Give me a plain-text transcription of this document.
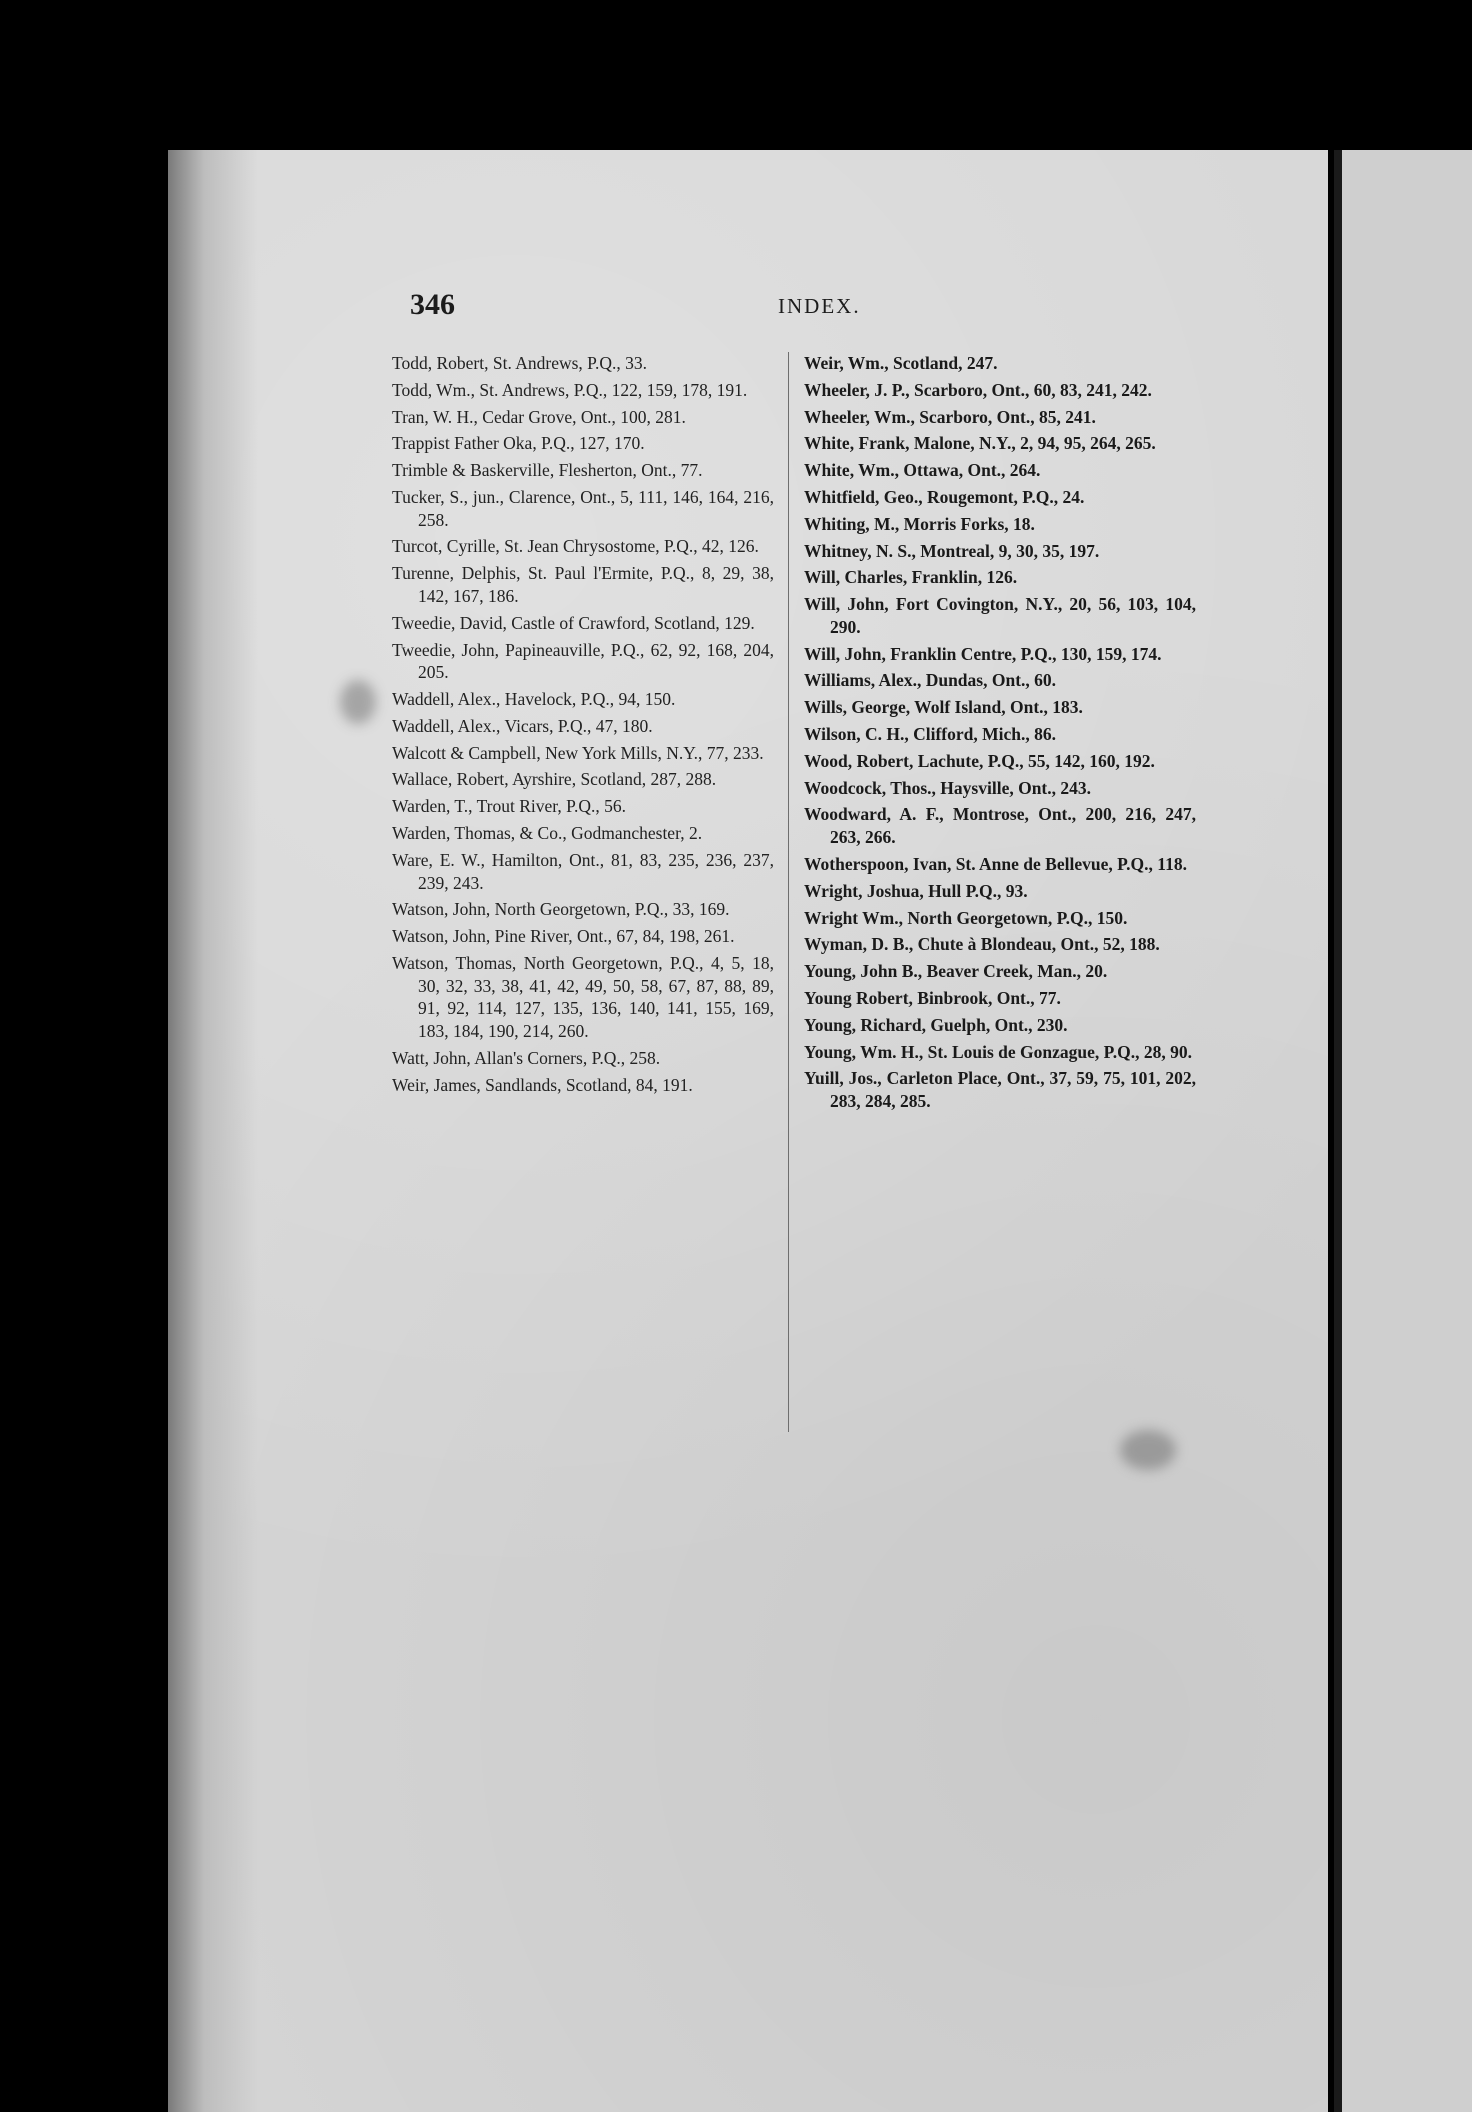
346	INDEX.

Todd, Robert, St. Andrews, P.Q., 33.

Todd, Wm., St. Andrews, P.Q., 122, 159, 178, 191.

Tran, W. H., Cedar Grove, Ont., 100, 281.

Trappist Father Oka, P.Q., 127, 170.

Trimble & Baskerville, Flesherton, Ont., 77.

Tucker, S., jun., Clarence, Ont., 5, 111, 146, 164, 216, 258.

Turcot, Cyrille, St. Jean Chrysostome, P.Q., 42, 126.

Turenne, Delphis, St. Paul l'Ermite, P.Q., 8, 29, 38, 142, 167, 186.

Tweedie, David, Castle of Crawford, Scotland, 129.

Tweedie, John, Papineauville, P.Q., 62, 92, 168, 204, 205.

Waddell, Alex., Havelock, P.Q., 94, 150.

Waddell, Alex., Vicars, P.Q., 47, 180.

Walcott & Campbell, New York Mills, N.Y., 77, 233.

Wallace, Robert, Ayrshire, Scotland, 287, 288.

Warden, T., Trout River, P.Q., 56.

Warden, Thomas, & Co., Godmanchester, 2.

Ware, E. W., Hamilton, Ont., 81, 83, 235, 236, 237, 239, 243.

Watson, John, North Georgetown, P.Q., 33, 169.

Watson, John, Pine River, Ont., 67, 84, 198, 261.

Watson, Thomas, North Georgetown, P.Q., 4, 5, 18, 30, 32, 33, 38, 41, 42, 49, 50, 58, 67, 87, 88, 89, 91, 92, 114, 127, 135, 136, 140, 141, 155, 169, 183, 184, 190, 214, 260.

Watt, John, Allan's Corners, P.Q., 258.

Weir, James, Sandlands, Scotland, 84, 191.

Weir, Wm., Scotland, 247.

Wheeler, J. P., Scarboro, Ont., 60, 83, 241, 242.

Wheeler, Wm., Scarboro, Ont., 85, 241.

White, Frank, Malone, N.Y., 2, 94, 95, 264, 265.

White, Wm., Ottawa, Ont., 264.

Whitfield, Geo., Rougemont, P.Q., 24.

Whiting, M., Morris Forks, 18.

Whitney, N. S., Montreal, 9, 30, 35, 197.

Will, Charles, Franklin, 126.

Will, John, Fort Covington, N.Y., 20, 56, 103, 104, 290.

Will, John, Franklin Centre, P.Q., 130, 159, 174.

Williams, Alex., Dundas, Ont., 60.

Wills, George, Wolf Island, Ont., 183.

Wilson, C. H., Clifford, Mich., 86.

Wood, Robert, Lachute, P.Q., 55, 142, 160, 192.

Woodcock, Thos., Haysville, Ont., 243.

Woodward, A. F., Montrose, Ont., 200, 216, 247, 263, 266.

Wotherspoon, Ivan, St. Anne de Bellevue, P.Q., 118.

Wright, Joshua, Hull P.Q., 93.

Wright Wm., North Georgetown, P.Q., 150.

Wyman, D. B., Chute à Blondeau, Ont., 52, 188.

Young, John B., Beaver Creek, Man., 20.

Young Robert, Binbrook, Ont., 77.

Young, Richard, Guelph, Ont., 230.

Young, Wm. H., St. Louis de Gonzague, P.Q., 28, 90.

Yuill, Jos., Carleton Place, Ont., 37, 59, 75, 101, 202, 283, 284, 285.
